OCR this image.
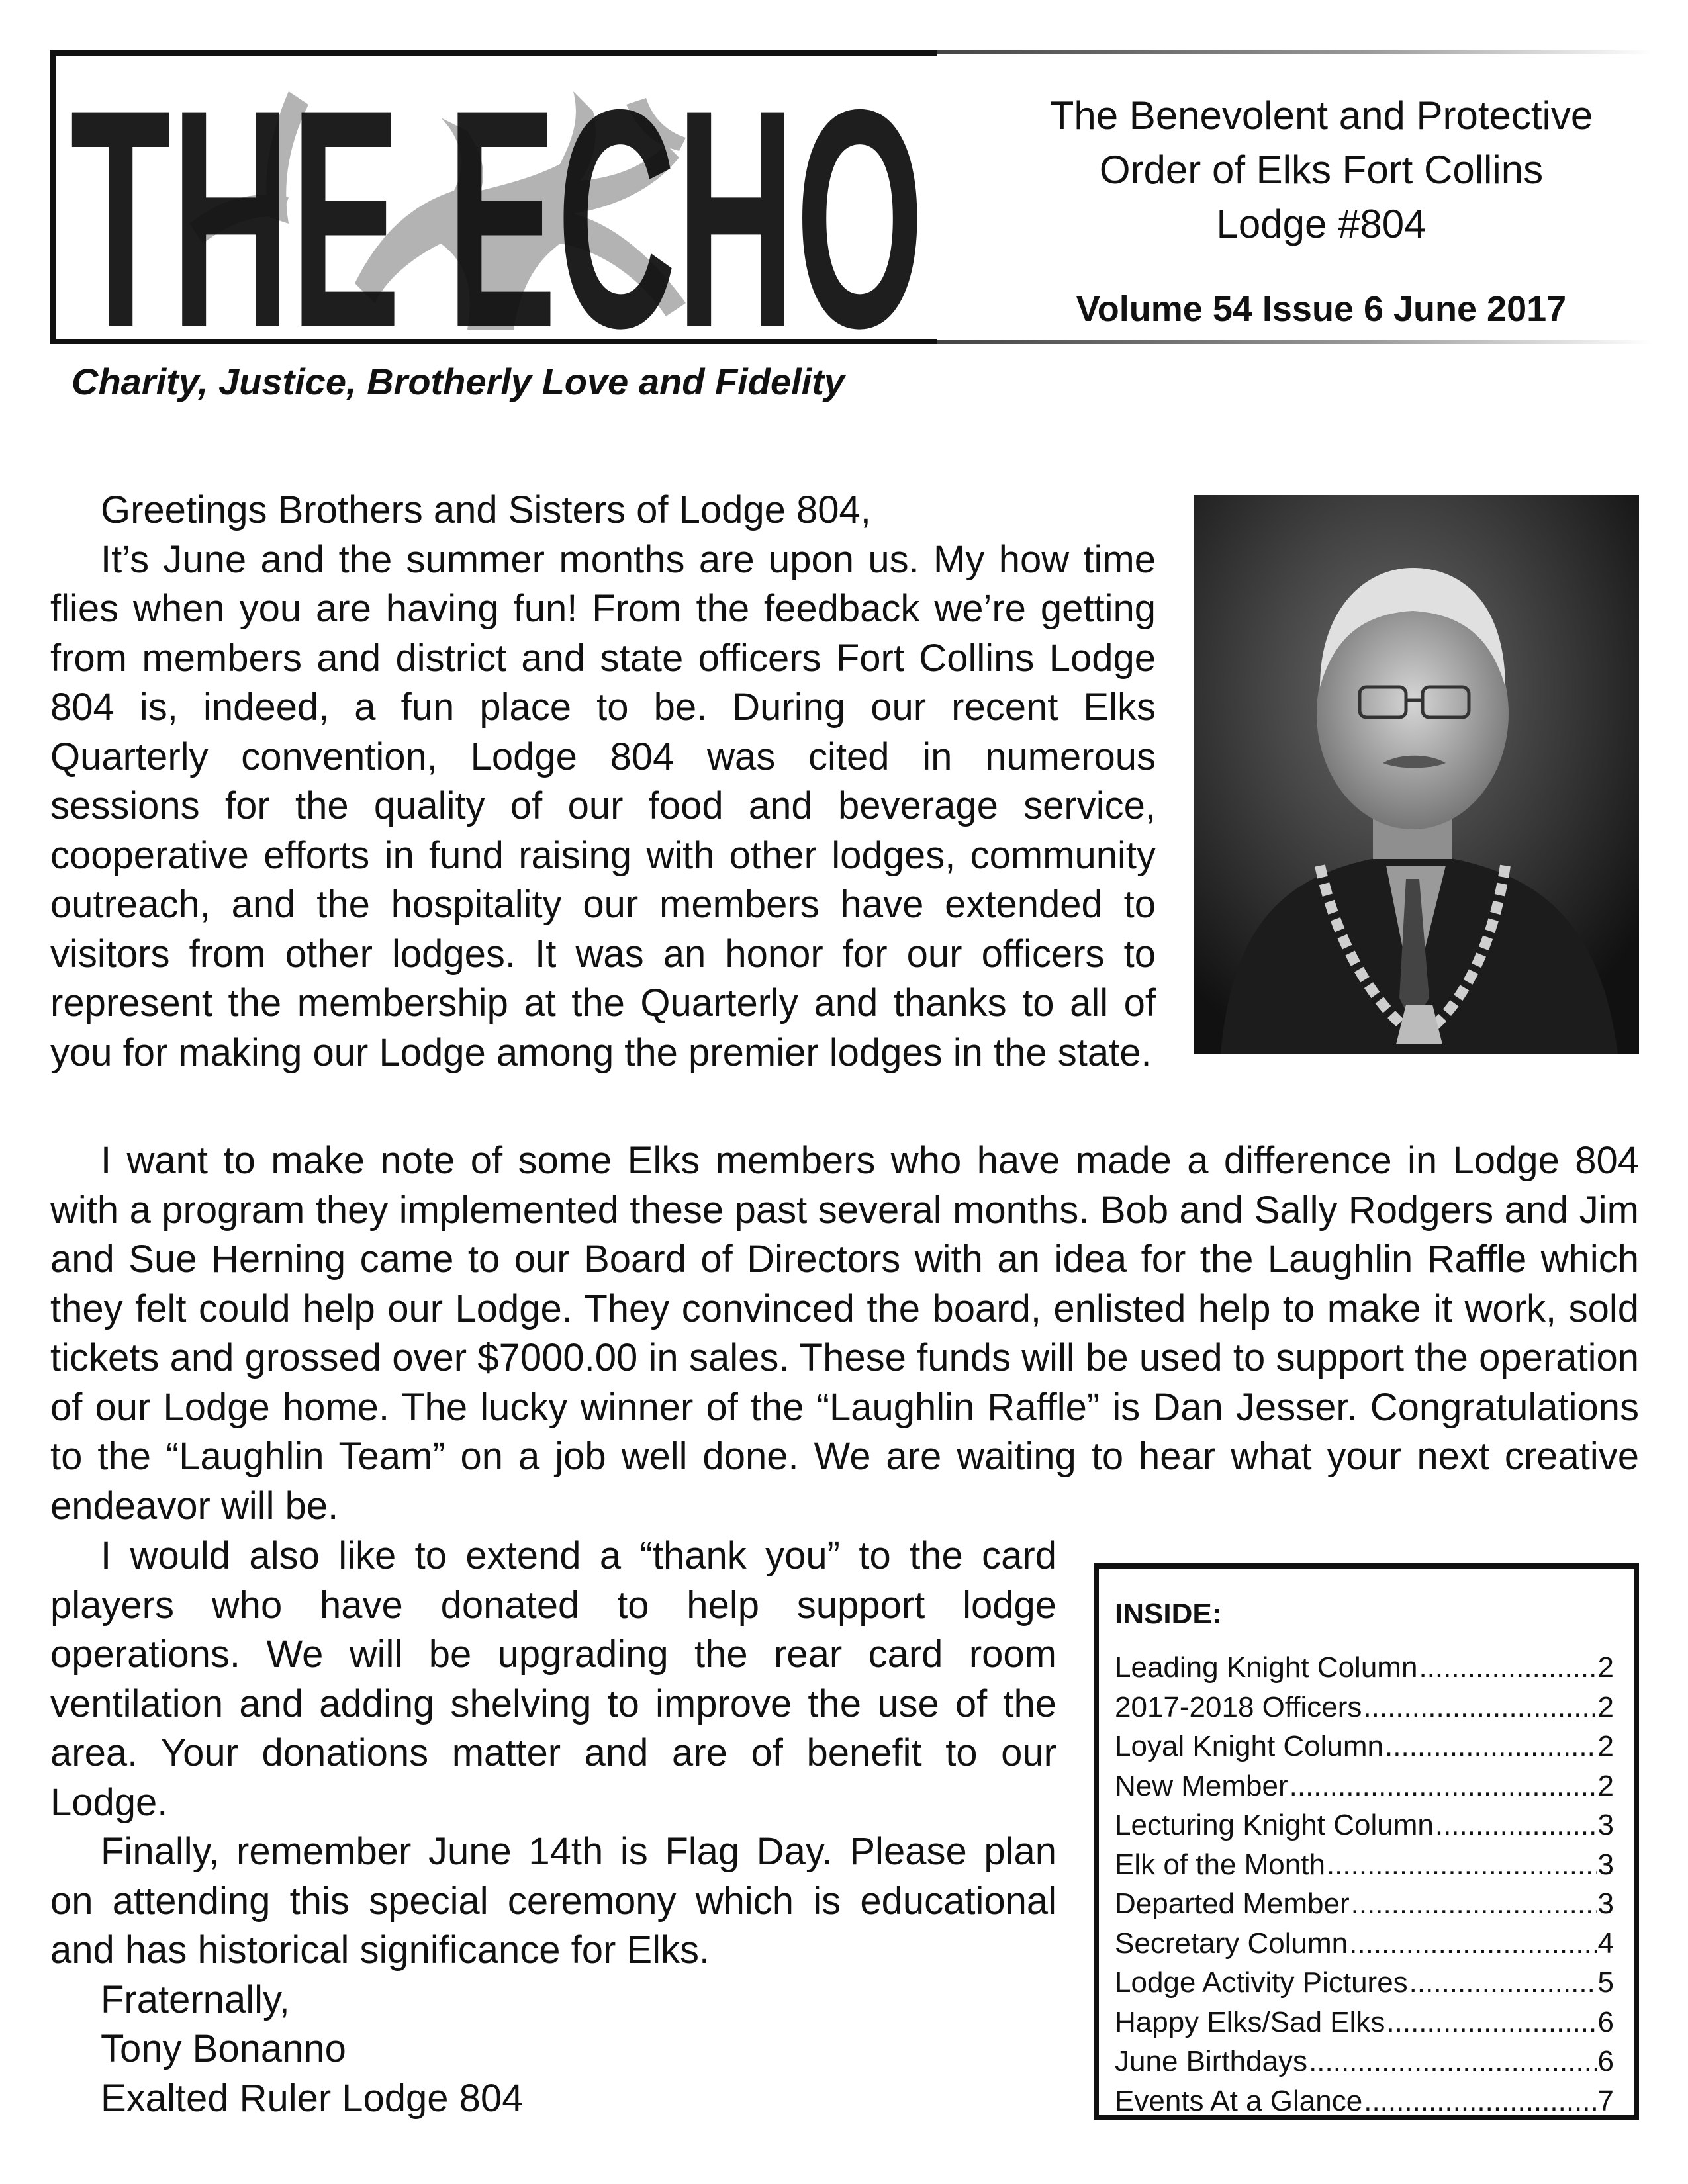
THE ECHO	The Benevolent and Protective
Order of Elks Fort Collins
Lodge #804
Volume 54 Issue 6 June 2017
Charity, Justice, Brotherly Love and Fidelity

Greetings Brothers and Sisters of Lodge 804,

It’s June and the summer months are upon us. My how time flies when you are having fun! From the feedback we’re getting from members and district and state officers Fort Collins Lodge 804 is, indeed, a fun place to be. During our recent Elks Quarterly convention, Lodge 804 was cited in numerous sessions for the quality of our food and beverage service, cooperative efforts in fund raising with other lodges, community outreach, and the hospitality our members have extended to visitors from other lodges. It was an honor for our officers to represent the membership at the Quarterly and thanks to all of you for making our Lodge among the premier lodges in the state.

I want to make note of some Elks members who have made a difference in Lodge 804 with a program they implemented these past several months. Bob and Sally Rodgers and Jim and Sue Herning came to our Board of Directors with an idea for the Laughlin Raffle which they felt could help our Lodge. They convinced the board, enlisted help to make it work, sold tickets and grossed over $7000.00 in sales. These funds will be used to support the operation of our Lodge home. The lucky winner of the “Laughlin Raffle” is Dan Jesser. Congratulations to the “Laughlin Team” on a job well done. We are waiting to hear what your next creative endeavor will be.

I would also like to extend a “thank you” to the card players who have donated to help support lodge operations. We will be upgrading the rear card room ventilation and adding shelving to improve the use of the area. Your donations matter and are of benefit to our Lodge.

Finally, remember June 14th is Flag Day. Please plan on attending this special ceremony which is educational and has historical significance for Elks.

Fraternally,

Tony Bonanno

Exalted Ruler Lodge 804

INSIDE:
Leading Knight Column .....	2
2017-2018 Officers .....	2
Loyal Knight Column .....	2
New Member .....	2
Lecturing Knight Column .....	3
Elk of the Month .....	3
Departed Member .....	3
Secretary Column .....	4
Lodge Activity Pictures .....	5
Happy Elks/Sad Elks .....	6
June Birthdays .....	6
Events At a Glance .....	7
